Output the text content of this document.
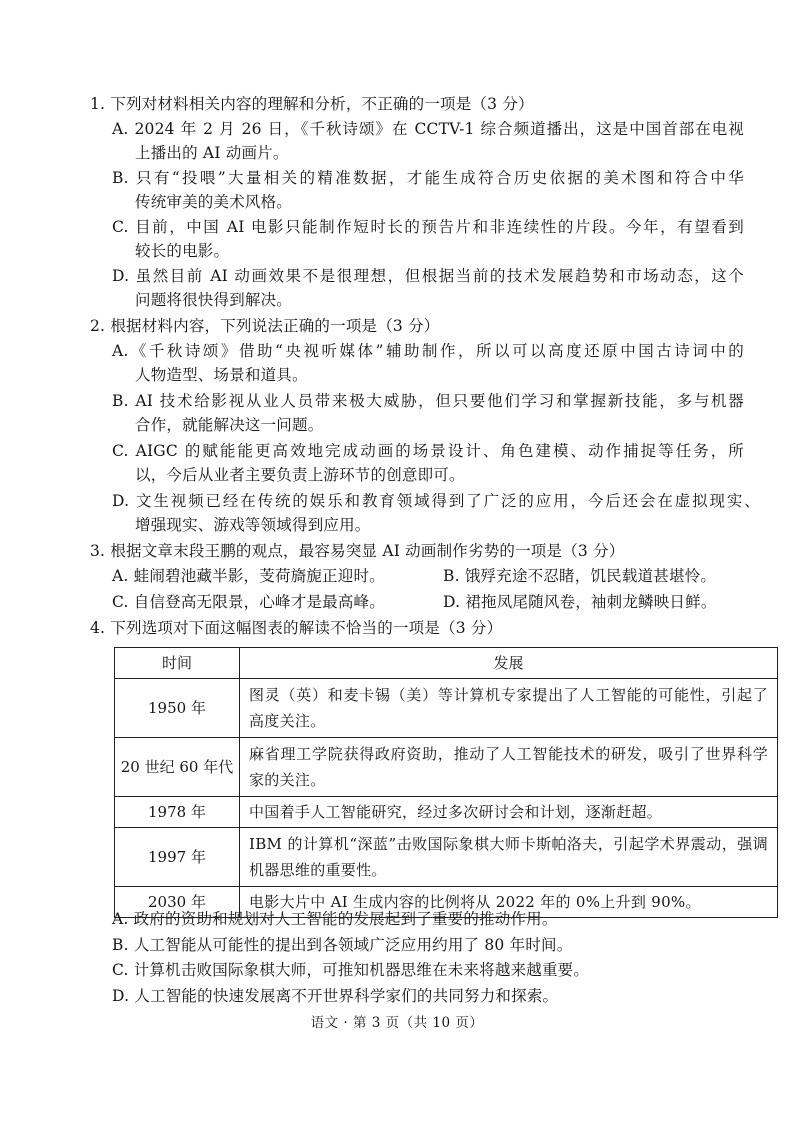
1. 下列对材料相关内容的理解和分析，不正确的一项是（3 分）
A. 2024 年 2 月 26 日，《千秋诗颂》在 CCTV-1 综合频道播出，这是中国首部在电视
上播出的 AI 动画片。
B. 只有“投喂”大量相关的精准数据，才能生成符合历史依据的美术图和符合中华
传统审美的美术风格。
C. 目前，中国 AI 电影只能制作短时长的预告片和非连续性的片段。今年，有望看到
较长的电影。
D. 虽然目前 AI 动画效果不是很理想，但根据当前的技术发展趋势和市场动态，这个
问题将很快得到解决。
2. 根据材料内容，下列说法正确的一项是（3 分）
A.《千秋诗颂》借助“央视听媒体”辅助制作，所以可以高度还原中国古诗词中的
人物造型、场景和道具。
B. AI 技术给影视从业人员带来极大威胁，但只要他们学习和掌握新技能，多与机器
合作，就能解决这一问题。
C. AIGC 的赋能能更高效地完成动画的场景设计、角色建模、动作捕捉等任务，所
以，今后从业者主要负责上游环节的创意即可。
D. 文生视频已经在传统的娱乐和教育领域得到了广泛的应用，今后还会在虚拟现实、
增强现实、游戏等领域得到应用。
3. 根据文章末段王鹏的观点，最容易突显 AI 动画制作劣势的一项是（3 分）
A. 蛙闹碧池藏半影，芰荷旖旎正迎时。	B. 饿殍充途不忍睹，饥民载道甚堪怜。
C. 自信登高无限景，心峰才是最高峰。	D. 裙拖凤尾随风卷，袖刺龙鳞映日鲜。
4. 下列选项对下面这幅图表的解读不恰当的一项是（3 分）
时间	发展
1950 年	图灵（英）和麦卡锡（美）等计算机专家提出了人工智能的可能性，引起了高度关注。
20 世纪 60 年代	麻省理工学院获得政府资助，推动了人工智能技术的研发，吸引了世界科学家的关注。
1978 年	中国着手人工智能研究，经过多次研讨会和计划，逐渐赶超。
1997 年	IBM 的计算机“深蓝”击败国际象棋大师卡斯帕洛夫，引起学术界震动，强调机器思维的重要性。
2030 年	电影大片中 AI 生成内容的比例将从 2022 年的 0%上升到 90%。
A. 政府的资助和规划对人工智能的发展起到了重要的推动作用。
B. 人工智能从可能性的提出到各领域广泛应用约用了 80 年时间。
C. 计算机击败国际象棋大师，可推知机器思维在未来将越来越重要。
D. 人工智能的快速发展离不开世界科学家们的共同努力和探索。
语文 · 第 3 页（共 10 页）
